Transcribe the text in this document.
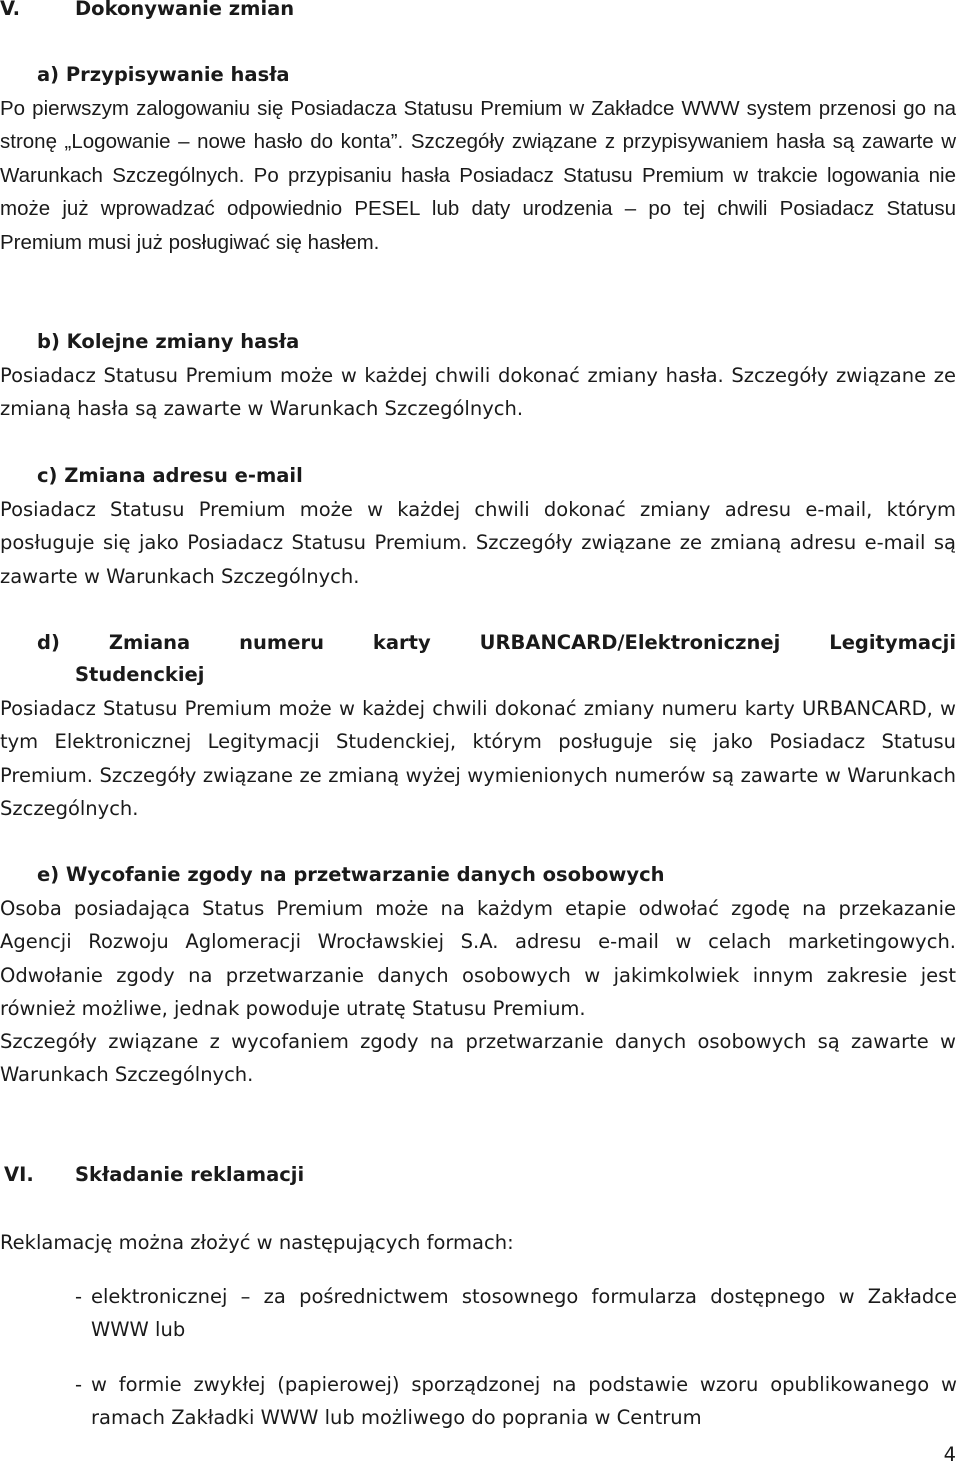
V.	Dokonywanie zmian
a) Przypisywanie hasła
Po pierwszym zalogowaniu się Posiadacza Statusu Premium w Zakładce WWW system przenosi go na stronę „Logowanie – nowe hasło do konta”. Szczegóły związane z przypisywaniem hasła są zawarte w Warunkach Szczególnych. Po przypisaniu hasła Posiadacz Statusu Premium w trakcie logowania nie może już wprowadzać odpowiednio PESEL lub daty urodzenia – po tej chwili Posiadacz Statusu Premium musi już posługiwać się hasłem.
b) Kolejne zmiany hasła
Posiadacz Statusu Premium może w każdej chwili dokonać zmiany hasła. Szczegóły związane ze zmianą hasła są zawarte w Warunkach Szczególnych.
c) Zmiana adresu e-mail
Posiadacz Statusu Premium może w każdej chwili dokonać zmiany adresu e-mail, którym posługuje się jako Posiadacz Statusu Premium. Szczegóły związane ze zmianą adresu e-mail są zawarte w Warunkach Szczególnych.
d) Zmiana numeru karty URBANCARD/Elektronicznej Legitymacji
Studenckiej
Posiadacz Statusu Premium może w każdej chwili dokonać zmiany numeru karty URBANCARD, w tym Elektronicznej Legitymacji Studenckiej, którym posługuje się jako Posiadacz Statusu Premium. Szczegóły związane ze zmianą wyżej wymienionych numerów są zawarte w Warunkach Szczególnych.
e) Wycofanie zgody na przetwarzanie danych osobowych
Osoba posiadająca Status Premium może na każdym etapie odwołać zgodę na przekazanie Agencji Rozwoju Aglomeracji Wrocławskiej S.A. adresu e-mail w celach marketingowych. Odwołanie zgody na przetwarzanie danych osobowych w jakimkolwiek innym zakresie jest również możliwe, jednak powoduje utratę Statusu Premium.
Szczegóły związane z wycofaniem zgody na przetwarzanie danych osobowych są zawarte w Warunkach Szczególnych.
VI. Składanie reklamacji
Reklamację można złożyć w następujących formach:
- elektronicznej – za pośrednictwem stosownego formularza dostępnego w Zakładce WWW lub
- w formie zwykłej (papierowej) sporządzonej na podstawie wzoru opublikowanego w ramach Zakładki WWW lub możliwego do poprania w Centrum
4
